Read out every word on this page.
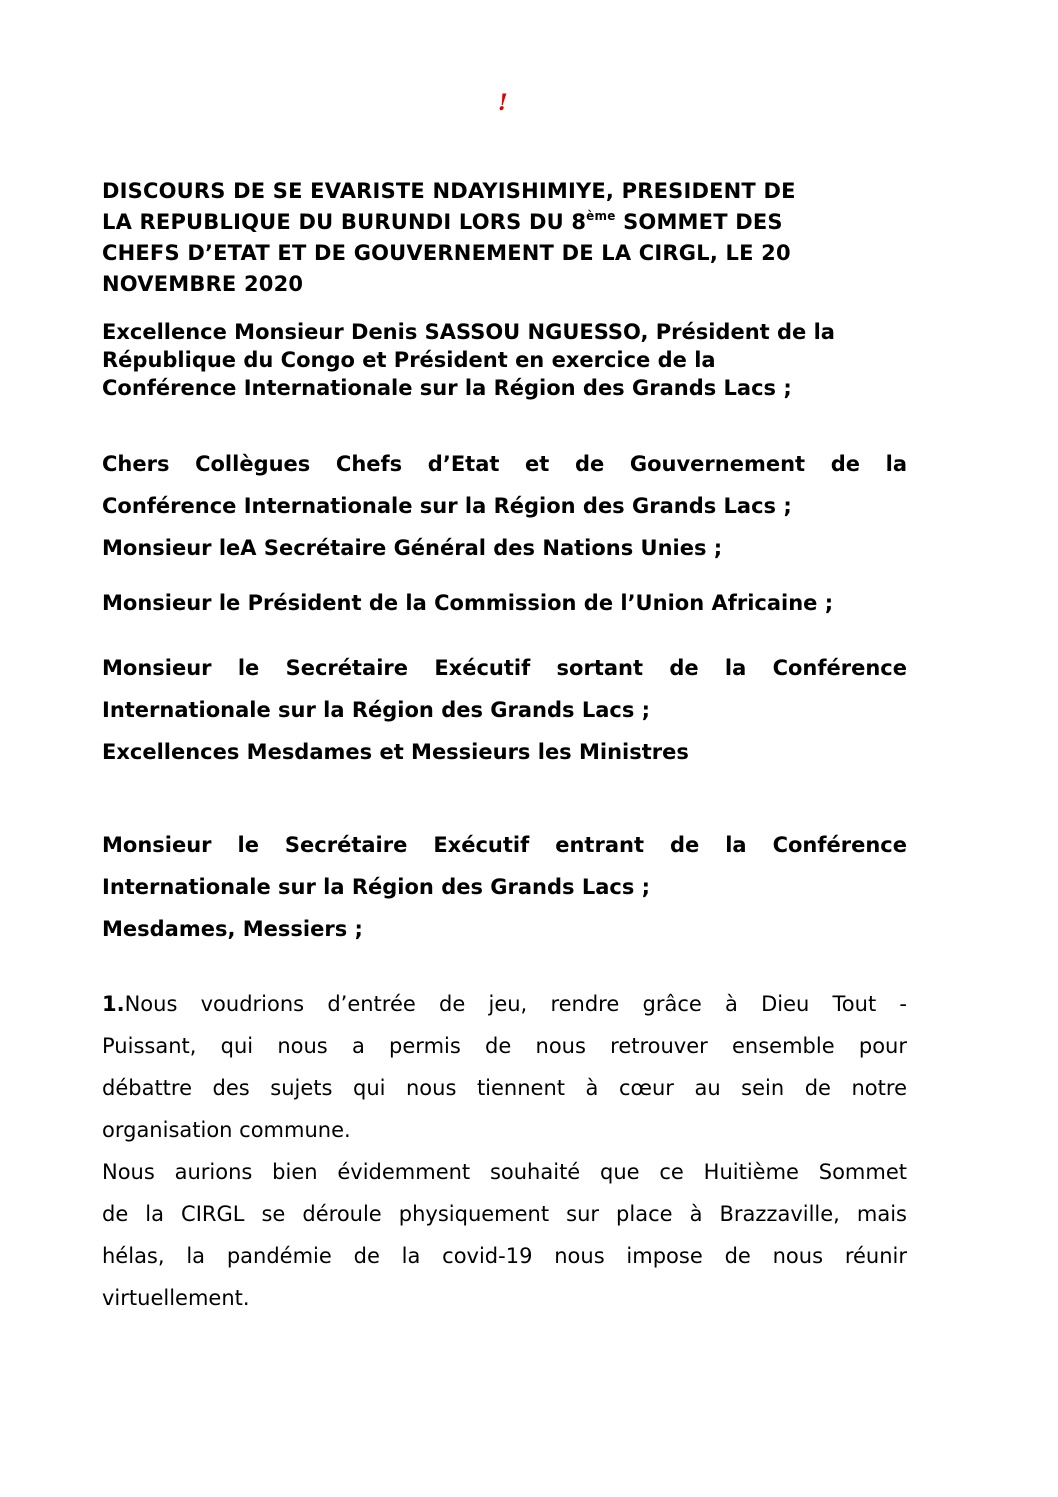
!
DISCOURS DE SE EVARISTE NDAYISHIMIYE, PRESIDENT DE
LA REPUBLIQUE DU BURUNDI LORS DU 8ème SOMMET DES
CHEFS D’ETAT ET DE GOUVERNEMENT DE LA CIRGL, LE 20
NOVEMBRE 2020
Excellence Monsieur Denis SASSOU NGUESSO, Président de la
République du Congo et Président en exercice de la
Conférence Internationale sur la Région des Grands Lacs ;
Chers Collègues Chefs d’Etat et de Gouvernement de la
Conférence Internationale sur la Région des Grands Lacs ;
Monsieur leA Secrétaire Général des Nations Unies ;
Monsieur le Président de la Commission de l’Union Africaine ;
Monsieur le Secrétaire Exécutif sortant de la Conférence
Internationale sur la Région des Grands Lacs ;
Excellences Mesdames et Messieurs les Ministres
Monsieur le Secrétaire Exécutif entrant de la Conférence
Internationale sur la Région des Grands Lacs ;
Mesdames, Messiers ;
1.Nous voudrions d’entrée de jeu, rendre grâce à Dieu Tout -
Puissant, qui nous a permis de nous retrouver ensemble pour
débattre des sujets qui nous tiennent à cœur au sein de notre
organisation commune.
Nous aurions bien évidemment souhaité que ce Huitième Sommet
de la CIRGL se déroule physiquement sur place à Brazzaville, mais
hélas, la pandémie de la covid-19 nous impose de nous réunir
virtuellement.
